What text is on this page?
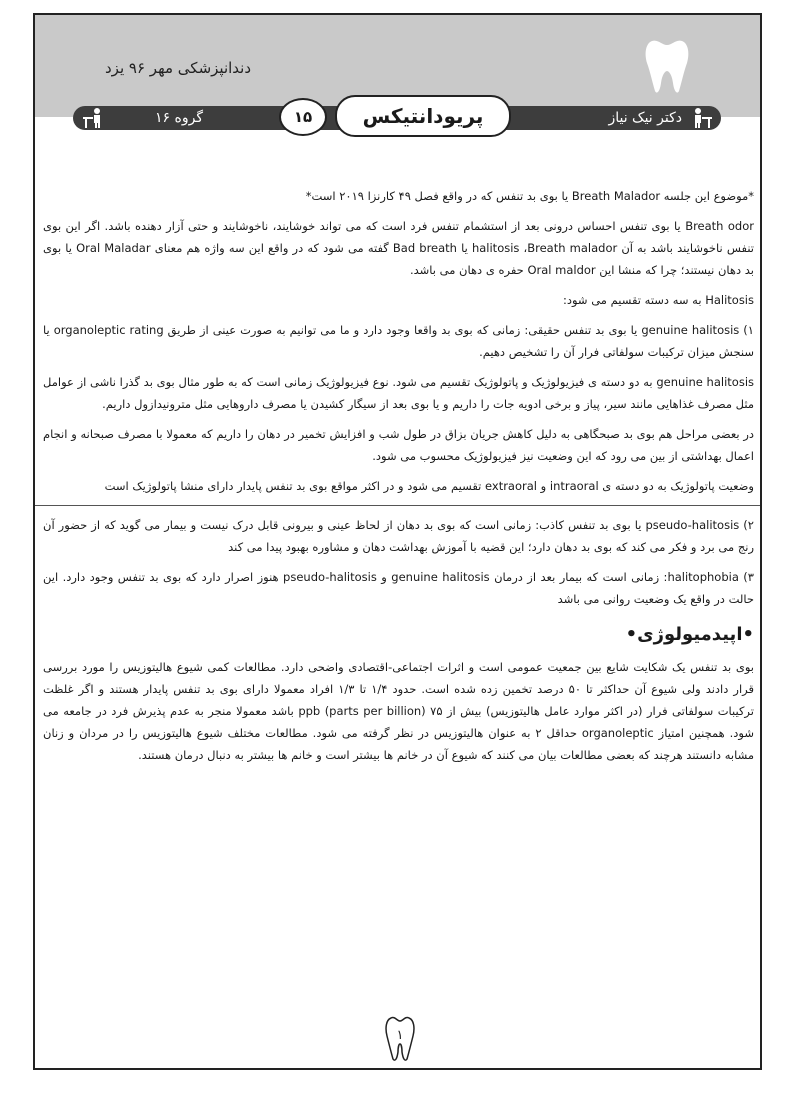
دندانپزشکی مهر ۹۶ یزد
گروه ۱۶	۱۵	پریودانتیکس	دکتر نیک نیاز

*موضوع این جلسه Breath Malador یا بوی بد تنفس که در واقع فصل ۴۹ کارنزا ۲۰۱۹ است*

Breath odor یا بوی تنفس احساس درونی بعد از استشمام تنفس فرد است که می تواند خوشایند، ناخوشایند و حتی آزار دهنده باشد. اگر این بوی تنفس ناخوشایند باشد به آن halitosis ،Breath malador یا Bad breath گفته می شود که در واقع این سه واژه هم معنای Oral Maladar یا بوی بد دهان نیستند؛ چرا که منشا این Oral maldor حفره ی دهان می باشد.

Halitosis به سه دسته تقسیم می شود:

۱) genuine halitosis یا بوی بد تنفس حقیقی: زمانی که بوی بد واقعا وجود دارد و ما می توانیم به صورت عینی از طریق organoleptic rating یا سنجش میزان ترکیبات سولفاتی فرار آن را تشخیص دهیم.

genuine halitosis به دو دسته ی فیزیولوژیک و پاتولوژیک تقسیم می شود. نوع فیزیولوژیک زمانی است که به طور مثال بوی بد گذرا ناشی از عوامل مثل مصرف غذاهایی مانند سیر، پیاز و برخی ادویه جات را داریم و یا بوی بعد از سیگار کشیدن یا مصرف داروهایی مثل مترونیدازول داریم.

در بعضی مراحل هم بوی بد صبحگاهی به دلیل کاهش جریان بزاق در طول شب و افزایش تخمیر در دهان را داریم که معمولا با مصرف صبحانه و انجام اعمال بهداشتی از بین می رود که این وضعیت نیز فیزیولوژیک محسوب می شود.

وضعیت پاتولوژیک به دو دسته ی intraoral و extraoral تقسیم می شود و در اکثر مواقع بوی بد تنفس پایدار دارای منشا پاتولوژیک است

۲) pseudo-halitosis یا بوی بد تنفس کاذب: زمانی است که بوی بد دهان از لحاظ عینی و بیرونی قابل درک نیست و بیمار می گوید که از حضور آن رنج می برد و فکر می کند که بوی بد دهان دارد؛ این قضیه با آموزش بهداشت دهان و مشاوره بهبود پیدا می کند

۳) halitophobia: زمانی است که بیمار بعد از درمان genuine halitosis و pseudo-halitosis هنوز اصرار دارد که بوی بد تنفس وجود دارد. این حالت در واقع یک وضعیت روانی می باشد

•اپیدمیولوژی•

بوی بد تنفس یک شکایت شایع بین جمعیت عمومی است و اثرات اجتماعی-اقتصادی واضحی دارد. مطالعات کمی شیوع هالیتوزیس را مورد بررسی قرار دادند ولی شیوع آن حداکثر تا ۵۰ درصد تخمین زده شده است. حدود ۱/۴ تا ۱/۳ افراد معمولا دارای بوی بد تنفس پایدار هستند و اگر غلظت ترکیبات سولفاتی فرار (در اکثر موارد عامل هالیتوزیس) بیش از ۷۵ ppb (parts per billion) باشد معمولا منجر به عدم پذیرش فرد در جامعه می شود. همچنین امتیاز organoleptic حداقل ۲ به عنوان هالیتوزیس در نظر گرفته می شود. مطالعات مختلف شیوع هالیتوزیس را در مردان و زنان مشابه دانستند هرچند که بعضی مطالعات بیان می کنند که شیوع آن در خانم ها بیشتر است و خانم ها بیشتر به دنبال درمان هستند.

۱
